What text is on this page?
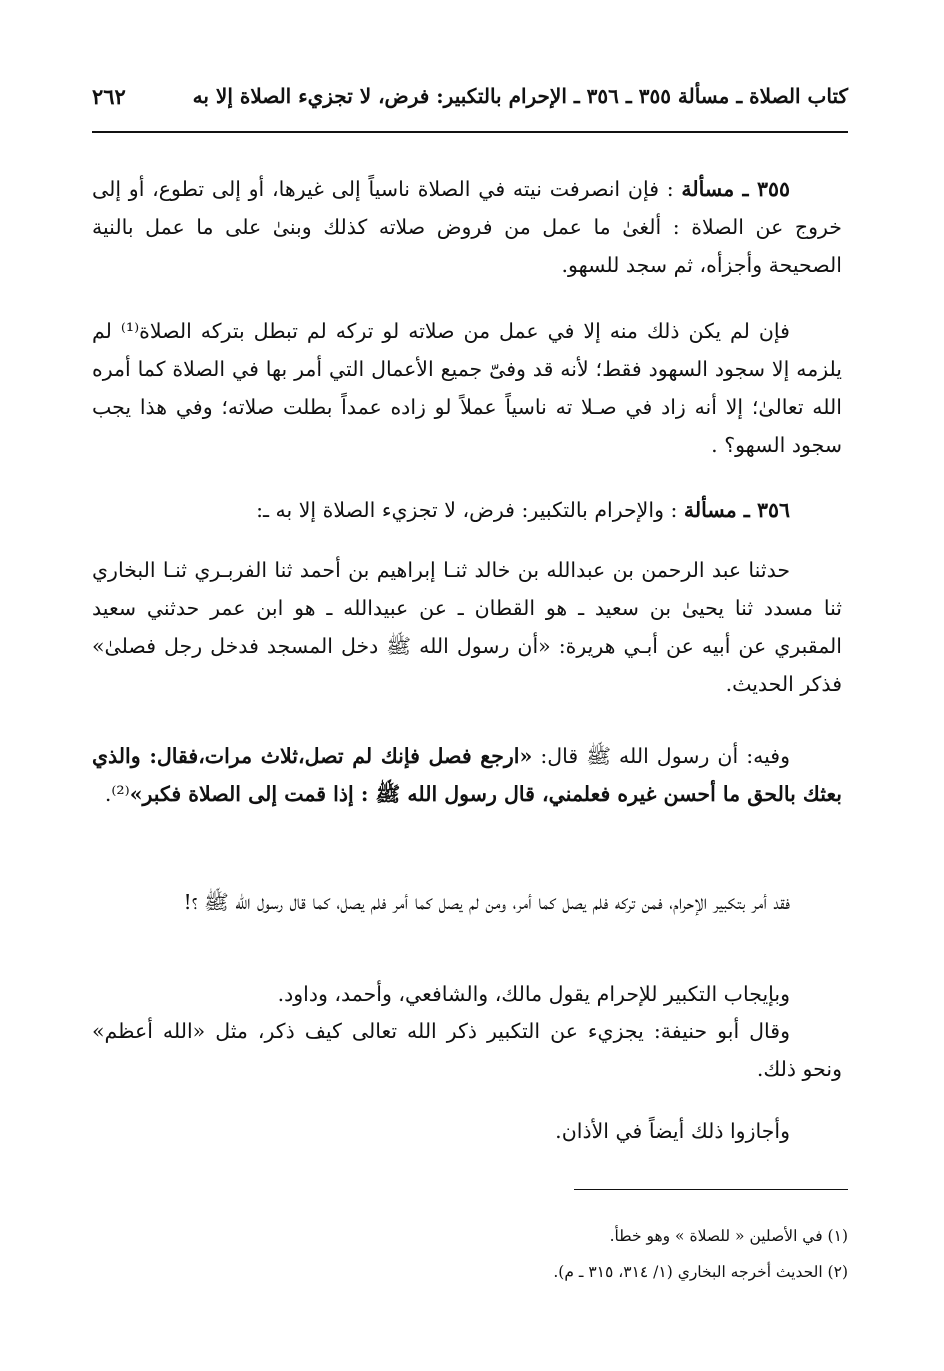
كتاب الصلاة ـ مسألة ٣٥٥ ـ ٣٥٦ ـ الإحرام بالتكبير: فرض، لا تجزيء الصلاة إلا به
٢٦٢

٣٥٥ ـ مسألة : فإن انصرفت نيته في الصلاة ناسياً إلى غيرها، أو إلى تطوع، أو إلى خروج عن الصلاة : ألغىٰ ما عمل من فروض صلاته كذلك وبنىٰ على ما عمل بالنية الصحيحة وأجزأه، ثم سجد للسهو.

فإن لم يكن ذلك منه إلا في عمل من صلاته لو تركه لم تبطل بتركه الصلاة⁽¹⁾ لم يلزمه إلا سجود السهود فقط؛ لأنه قد وفىّ جميع الأعمال التي أمر بها في الصلاة كما أمره الله تعالىٰ؛ إلا أنه زاد في صـلا ته ناسياً عملاً لو زاده عمداً بطلت صلاته؛ وفي هذا يجب سجود السهو؟ .

٣٥٦ ـ مسألة : والإحرام بالتكبير: فرض، لا تجزيء الصلاة إلا به ـ:

حدثنا عبد الرحمن بن عبدالله بن خالد ثنـا إبراهيم بن أحمد ثنا الفربـري ثنـا البخاري ثنا مسدد ثنا يحيىٰ بن سعيد ـ هو القطان ـ عن عبيدالله ـ هو ابن عمر حدثني سعيد المقبري عن أبيه عن أبـي هريرة: «أن رسول الله ﷺ دخل المسجد فدخل رجل فصلىٰ» فذكر الحديث.

وفيه: أن رسول الله ﷺ قال: «ارجع فصل فإنك لم تصل،ثلاث مرات،فقال: والذي بعثك بالحق ما أحسن غيره فعلمني، قال رسول الله ﷺ : إذا قمت إلى الصلاة فكبر»⁽²⁾.

فقد أمر بتكبير الإحرام، فمن تركه فلم يصل كما أمر، ومن لم يصل كما أمر فلم يصل، كما قال رسول الله ﷺ ؟!

وبإيجاب التكبير للإحرام يقول مالك، والشافعي، وأحمد، وداود.

وقال أبو حنيفة: يجزيء عن التكبير ذكر الله تعالى كيف ذكر، مثل «الله أعظم» ونحو ذلك.

وأجازوا ذلك أيضاً في الأذان.

(١) في الأصلين « للصلاة » وهو خطأ.
(٢) الحديث أخرجه البخاري (١/ ٣١٤، ٣١٥ ـ م).
